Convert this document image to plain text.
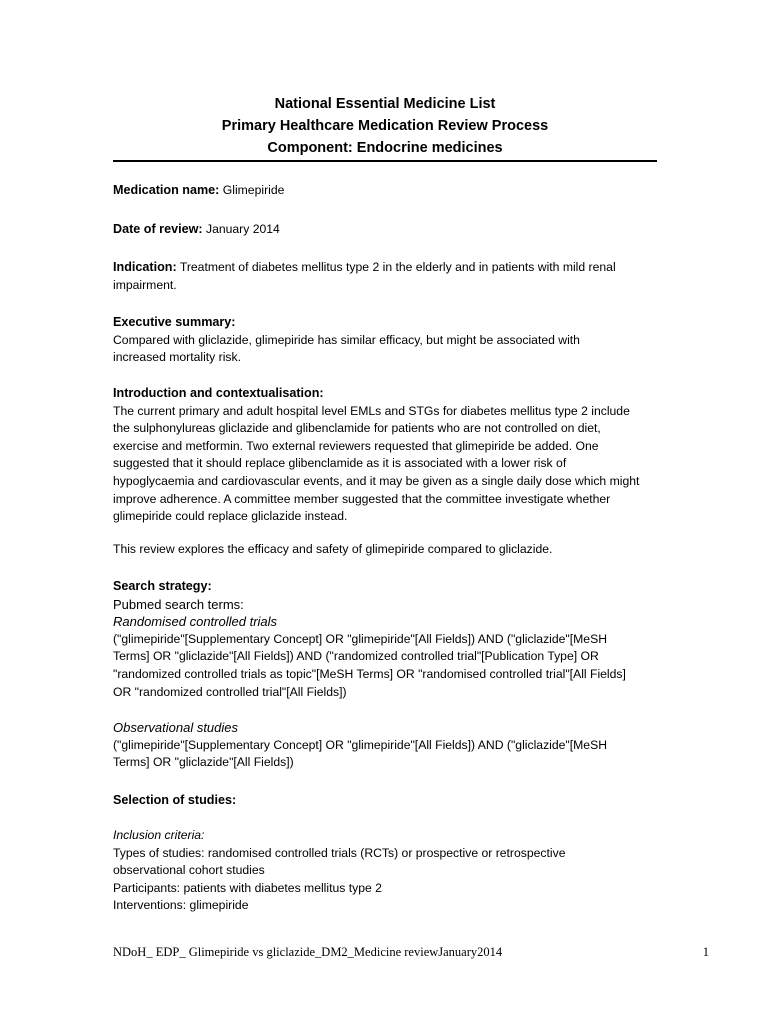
National Essential Medicine List
Primary Healthcare Medication Review Process
Component: Endocrine medicines
Medication name: Glimepiride
Date of review: January 2014
Indication: Treatment of diabetes mellitus type 2 in the elderly and in patients with mild renal
impairment.
Executive summary:
Compared with gliclazide, glimepiride has similar efficacy, but might be associated with
increased mortality risk.
Introduction and contextualisation:
The current primary and adult hospital level EMLs and STGs for diabetes mellitus type 2 include
the sulphonylureas gliclazide and glibenclamide for patients who are not controlled on diet,
exercise and metformin. Two external reviewers requested that glimepiride be added. One
suggested that it should replace glibenclamide as it is associated with a lower risk of
hypoglycaemia and cardiovascular events, and it may be given as a single daily dose which might
improve adherence. A committee member suggested that the committee investigate whether
glimepiride could replace gliclazide instead.
This review explores the efficacy and safety of glimepiride compared to gliclazide.
Search strategy:
Pubmed search terms:
Randomised controlled trials
("glimepiride"[Supplementary Concept] OR "glimepiride"[All Fields]) AND ("gliclazide"[MeSH
Terms] OR "gliclazide"[All Fields]) AND ("randomized controlled trial"[Publication Type] OR
"randomized controlled trials as topic"[MeSH Terms] OR "randomised controlled trial"[All Fields]
OR "randomized controlled trial"[All Fields])
Observational studies
("glimepiride"[Supplementary Concept] OR "glimepiride"[All Fields]) AND ("gliclazide"[MeSH
Terms] OR "gliclazide"[All Fields])
Selection of studies:
Inclusion criteria:
Types of studies: randomised controlled trials (RCTs) or prospective or retrospective
observational cohort studies
Participants: patients with diabetes mellitus type 2
Interventions: glimepiride
NDoH_ EDP_ Glimepiride vs gliclazide_DM2_Medicine reviewJanuary2014	1
